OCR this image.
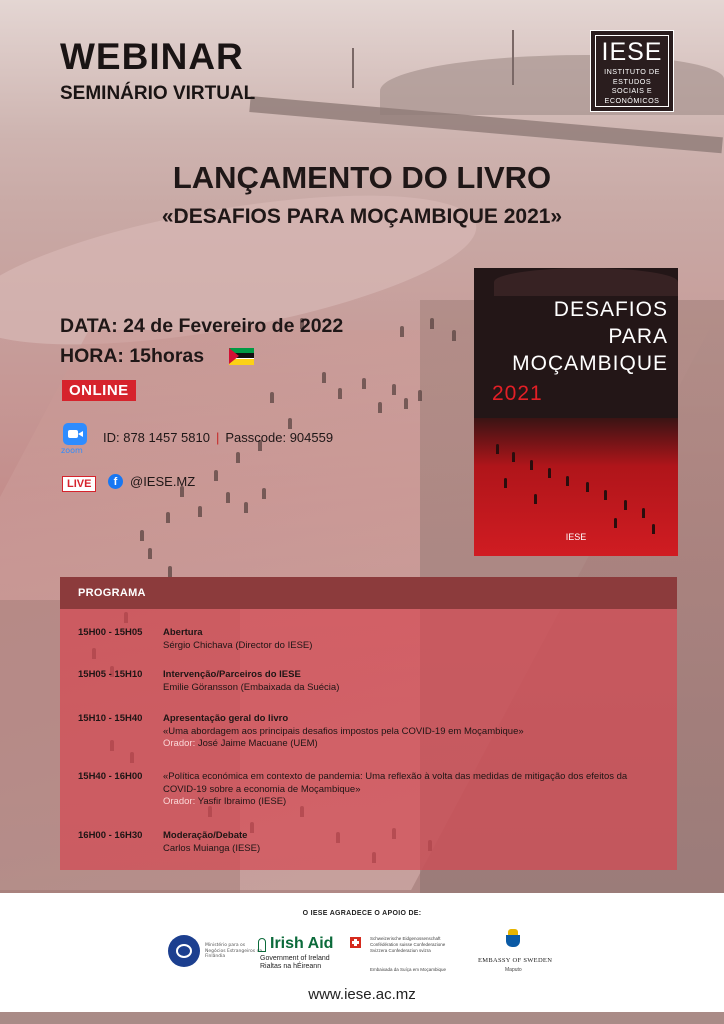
WEBINAR
SEMINÁRIO VIRTUAL
IESE
INSTITUTO DE
ESTUDOS
SOCIAIS E
ECONÓMICOS
LANÇAMENTO DO LIVRO
«DESAFIOS PARA MOÇAMBIQUE 2021»
DATA: 24 de Fevereiro de 2022
HORA: 15horas
ONLINE
zoom
ID: 878 1457 5810 | Passcode: 904559
LIVE	f @IESE.MZ
DESAFIOS
PARA
MOÇAMBIQUE
2021
IESE
PROGRAMA
15H00 - 15H05 Abertura
Sérgio Chichava (Director do IESE)
15H05 - 15H10 Intervenção/Parceiros do IESE
Emilie Göransson (Embaixada da Suécia)
15H10 - 15H40 Apresentação geral do livro
«Uma abordagem aos principais desafios impostos pela COVID-19 em Moçambique»
Orador: José Jaime Macuane (UEM)
15H40 - 16H00 «Política económica em contexto de pandemia: Uma reflexão à volta das medidas de mitigação dos efeitos da COVID-19 sobre a economia de Moçambique»
Orador: Yasfir Ibraimo (IESE)
16H00 - 16H30 Moderação/Debate
Carlos Muianga (IESE)
O IESE AGRADECE O APOIO DE:
Ministério para os Negócios Estrangeiros da Finlândia
Irish Aid
Government of Ireland
Rialtas na hÉireann
Schweizerische Eidgenossenschaft Confédération suisse Confederazione Svizzera Confederaziun svizra
Embaixada da Suíça em Moçambique
EMBASSY OF SWEDEN
Maputo
www.iese.ac.mz
